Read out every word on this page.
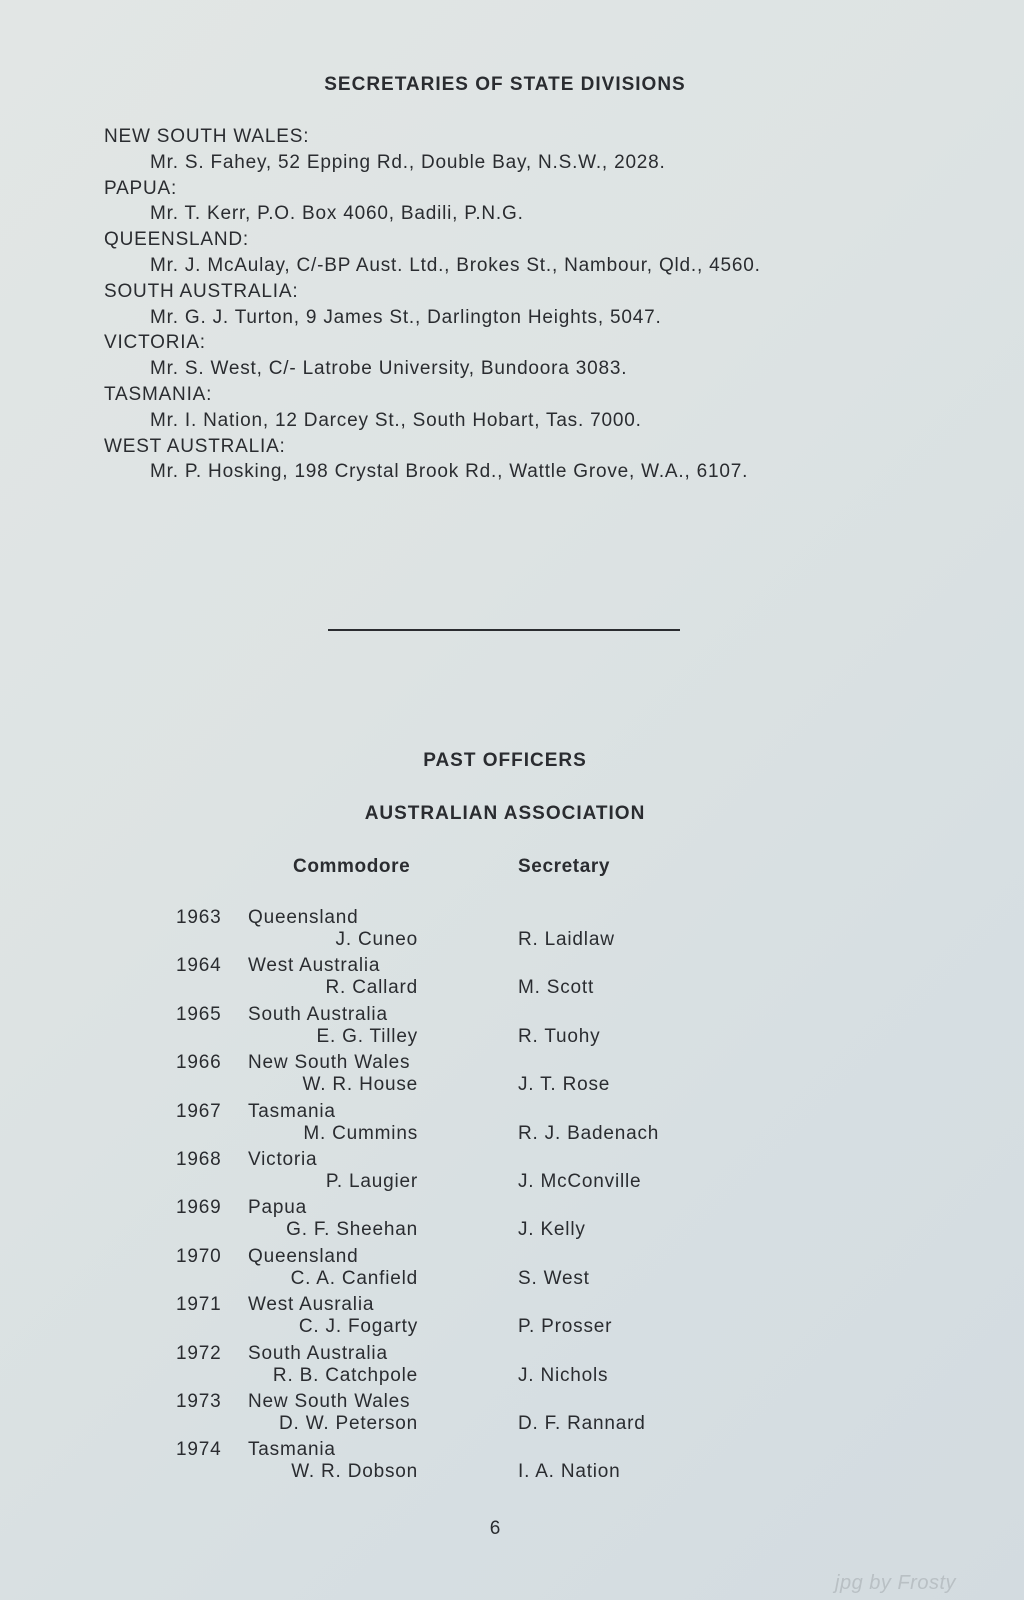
SECRETARIES OF STATE DIVISIONS

NEW SOUTH WALES:

Mr. S. Fahey, 52 Epping Rd., Double Bay, N.S.W., 2028.

PAPUA:

Mr. T. Kerr, P.O. Box 4060, Badili, P.N.G.

QUEENSLAND:

Mr. J. McAulay, C/-BP Aust. Ltd., Brokes St., Nambour, Qld., 4560.

SOUTH AUSTRALIA:

Mr. G. J. Turton, 9 James St., Darlington Heights, 5047.

VICTORIA:

Mr. S. West, C/- Latrobe University, Bundoora 3083.

TASMANIA:

Mr. I. Nation, 12 Darcey St., South Hobart, Tas. 7000.

WEST AUSTRALIA:

Mr. P. Hosking, 198 Crystal Brook Rd., Wattle Grove, W.A., 6107.

PAST OFFICERS
AUSTRALIAN ASSOCIATION
Commodore	Secretary
1963 Queensland
J. Cuneo	R. Laidlaw
1964 West Australia
R. Callard	M. Scott
1965 South Australia
E. G. Tilley	R. Tuohy
1966 New South Wales
W. R. House	J. T. Rose
1967 Tasmania
M. Cummins	R. J. Badenach
1968 Victoria
P. Laugier	J. McConville
1969 Papua
G. F. Sheehan	J. Kelly
1970 Queensland
C. A. Canfield	S. West
1971 West Ausralia
C. J. Fogarty	P. Prosser
1972 South Australia
R. B. Catchpole	J. Nichols
1973 New South Wales
D. W. Peterson	D. F. Rannard
1974 Tasmania
W. R. Dobson	I. A. Nation
6
jpg by Frosty
